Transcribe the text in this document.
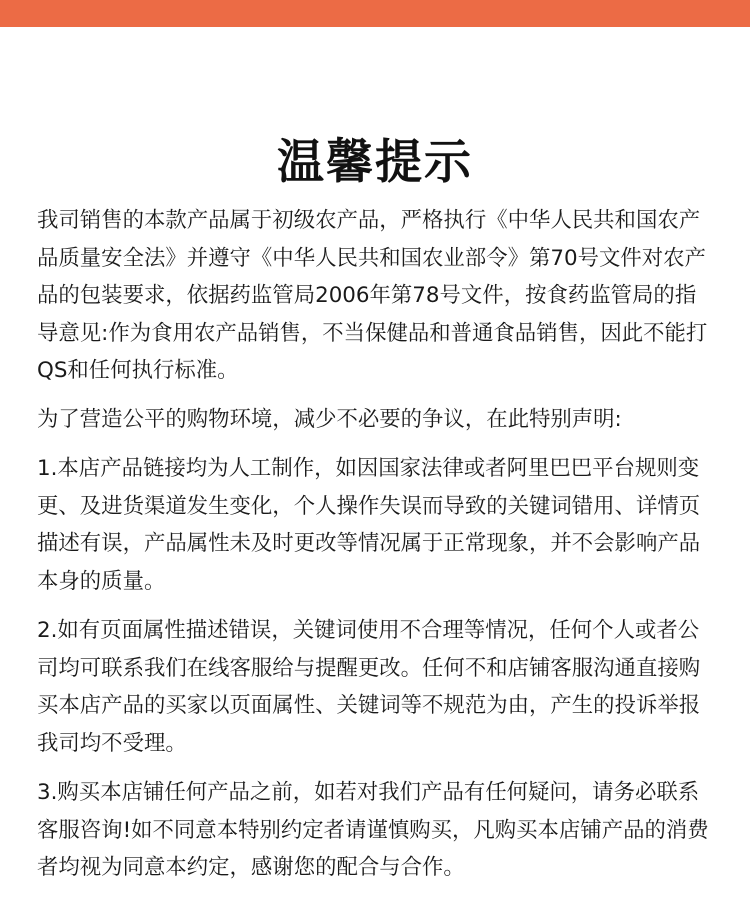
温馨提示

我司销售的本款产品属于初级农产品，严格执行《中华人民共和国农产品质量安全法》并遵守《中华人民共和国农业部令》第70号文件对农产品的包装要求，依据药监管局2006年第78号文件，按食药监管局的指导意见:作为食用农产品销售，不当保健品和普通食品销售，因此不能打QS和任何执行标准。

为了营造公平的购物环境，减少不必要的争议，在此特别声明:

1.本店产品链接均为人工制作，如因国家法律或者阿里巴巴平台规则变更、及进货渠道发生变化，个人操作失误而导致的关键词错用、详情页描述有误，产品属性未及时更改等情况属于正常现象，并不会影响产品本身的质量。

2.如有页面属性描述错误，关键词使用不合理等情况，任何个人或者公司均可联系我们在线客服给与提醒更改。任何不和店铺客服沟通直接购买本店产品的买家以页面属性、关键词等不规范为由，产生的投诉举报我司均不受理。

3.购买本店铺任何产品之前，如若对我们产品有任何疑问，请务必联系客服咨询!如不同意本特别约定者请谨慎购买，凡购买本店铺产品的消费者均视为同意本约定，感谢您的配合与合作。
